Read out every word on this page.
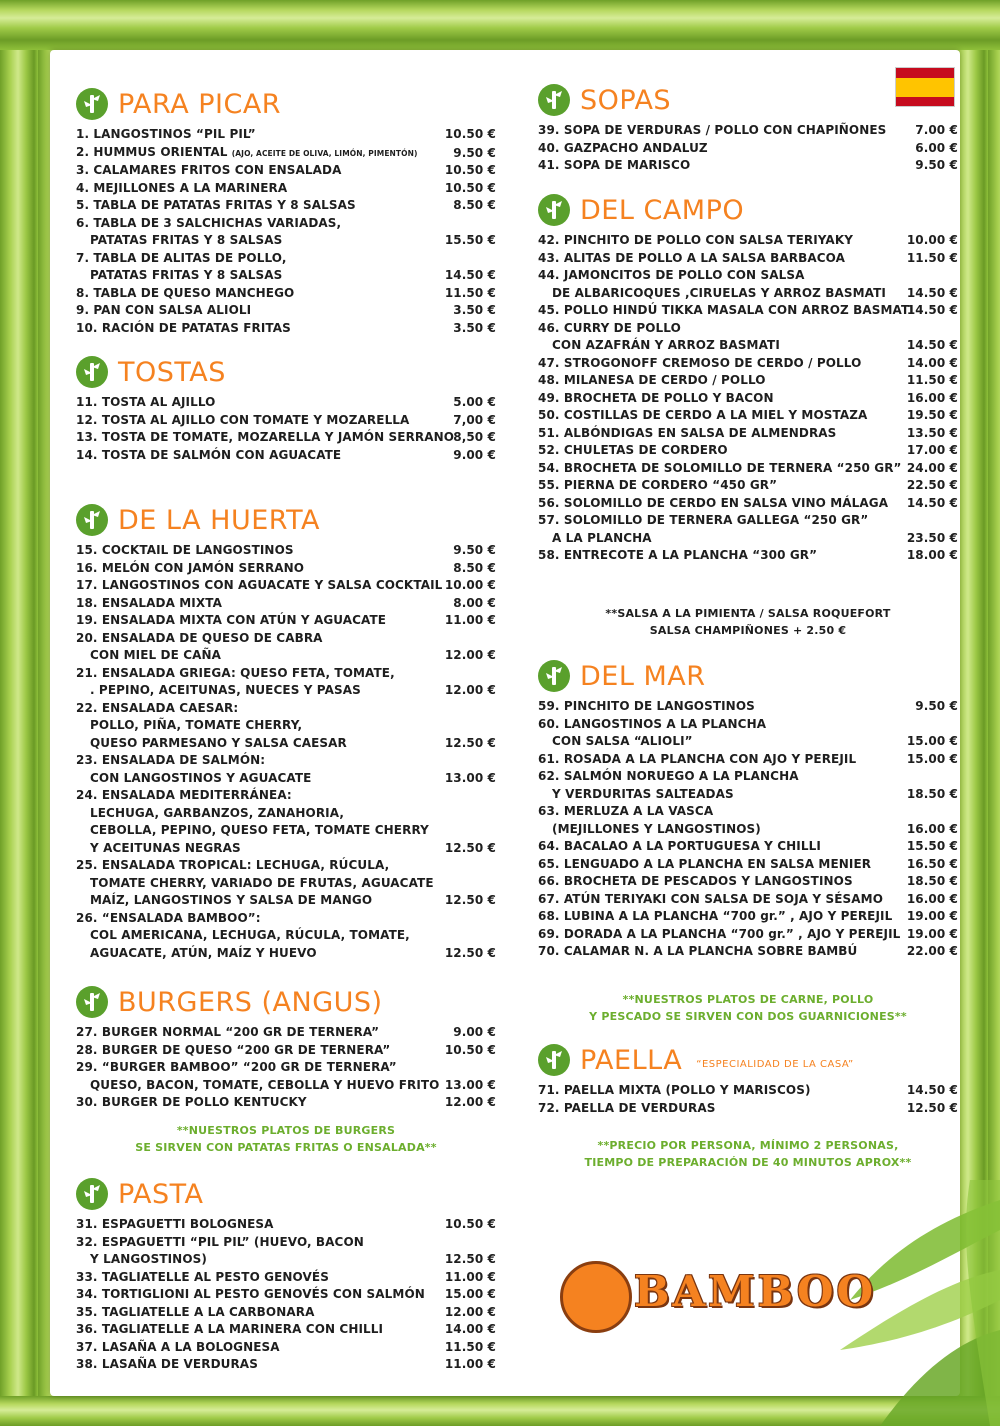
PARA PICAR
1. LANGOSTINOS “PIL PIL”	10.50 €
2. HUMMUS ORIENTAL (AJO, ACEITE DE OLIVA, LIMÓN, PIMENTÓN)	9.50 €
3. CALAMARES FRITOS CON ENSALADA	10.50 €
4. MEJILLONES A LA MARINERA	10.50 €
5. TABLA DE PATATAS FRITAS Y 8 SALSAS	8.50 €
6. TABLA DE 3 SALCHICHAS VARIADAS,
PATATAS FRITAS Y 8 SALSAS	15.50 €
7. TABLA DE ALITAS DE POLLO,
PATATAS FRITAS Y 8 SALSAS	14.50 €
8. TABLA DE QUESO MANCHEGO	11.50 €
9. PAN CON SALSA ALIOLI	3.50 €
10. RACIÓN DE PATATAS FRITAS	3.50 €
TOSTAS
11. TOSTA AL AJILLO	5.00 €
12. TOSTA AL AJILLO CON TOMATE Y MOZARELLA	7,00 €
13. TOSTA DE TOMATE, MOZARELLA Y JAMÓN SERRANO 8,50 €
14. TOSTA DE SALMÓN CON AGUACATE	9.00 €
DE LA HUERTA
15. COCKTAIL DE LANGOSTINOS	9.50 €
16. MELÓN CON JAMÓN SERRANO	8.50 €
17. LANGOSTINOS CON AGUACATE Y SALSA COCKTAIL 10.00 €
18. ENSALADA MIXTA	8.00 €
19. ENSALADA MIXTA CON ATÚN Y AGUACATE	11.00 €
20. ENSALADA DE QUESO DE CABRA
CON MIEL DE CAÑA	12.00 €
21. ENSALADA GRIEGA: QUESO FETA, TOMATE,
. PEPINO, ACEITUNAS, NUECES Y PASAS	12.00 €
22. ENSALADA CAESAR:
POLLO, PIÑA, TOMATE CHERRY,
QUESO PARMESANO Y SALSA CAESAR	12.50 €
23. ENSALADA DE SALMÓN:
CON LANGOSTINOS Y AGUACATE	13.00 €
24. ENSALADA MEDITERRÁNEA:
LECHUGA, GARBANZOS, ZANAHORIA,
CEBOLLA, PEPINO, QUESO FETA, TOMATE CHERRY
Y ACEITUNAS NEGRAS	12.50 €
25. ENSALADA TROPICAL: LECHUGA, RÚCULA,
TOMATE CHERRY, VARIADO DE FRUTAS, AGUACATE
MAÍZ, LANGOSTINOS Y SALSA DE MANGO	12.50 €
26. “ENSALADA BAMBOO”:
COL AMERICANA, LECHUGA, RÚCULA, TOMATE,
AGUACATE, ATÚN, MAÍZ Y HUEVO	12.50 €
BURGERS (ANGUS)
27. BURGER NORMAL “200 GR DE TERNERA”	9.00 €
28. BURGER DE QUESO “200 GR DE TERNERA”	10.50 €
29. “BURGER BAMBOO” “200 GR DE TERNERA”
QUESO, BACON, TOMATE, CEBOLLA Y HUEVO FRITO 13.00 €
30. BURGER DE POLLO KENTUCKY	12.00 €
**NUESTROS PLATOS DE BURGERS
SE SIRVEN CON PATATAS FRITAS O ENSALADA**
PASTA
31. ESPAGUETTI BOLOGNESA	10.50 €
32. ESPAGUETTI “PIL PIL” (HUEVO, BACON
Y LANGOSTINOS)	12.50 €
33. TAGLIATELLE AL PESTO GENOVÉS	11.00 €
34. TORTIGLIONI AL PESTO GENOVÉS CON SALMÓN	15.00 €
35. TAGLIATELLE A LA CARBONARA	12.00 €
36. TAGLIATELLE A LA MARINERA CON CHILLI	14.00 €
37. LASAÑA A LA BOLOGNESA	11.50 €
38. LASAÑA DE VERDURAS	11.00 €
SOPAS
39. SOPA DE VERDURAS / POLLO CON CHAPIÑONES	7.00 €
40. GAZPACHO ANDALUZ	6.00 €
41. SOPA DE MARISCO	9.50 €
DEL CAMPO
42. PINCHITO DE POLLO CON SALSA TERIYAKY	10.00 €
43. ALITAS DE POLLO A LA SALSA BARBACOA	11.50 €
44. JAMONCITOS DE POLLO CON SALSA
DE ALBARICOQUES ,CIRUELAS Y ARROZ BASMATI	14.50 €
45. POLLO HINDÚ TIKKA MASALA CON ARROZ BASMATI
14.50 €
46. CURRY DE POLLO
CON AZAFRÁN Y ARROZ BASMATI	14.50 €
47. STROGONOFF CREMOSO DE CERDO / POLLO	14.00 €
48. MILANESA DE CERDO / POLLO	11.50 €
49. BROCHETA DE POLLO Y BACON	16.00 €
50. COSTILLAS DE CERDO A LA MIEL Y MOSTAZA	19.50 €
51. ALBÓNDIGAS EN SALSA DE ALMENDRAS	13.50 €
52. CHULETAS DE CORDERO	17.00 €
54. BROCHETA DE SOLOMILLO DE TERNERA “250 GR” 24.00 €
55. PIERNA DE CORDERO “450 GR”	22.50 €
56. SOLOMILLO DE CERDO EN SALSA VINO MÁLAGA	14.50 €
57. SOLOMILLO DE TERNERA GALLEGA “250 GR”
A LA PLANCHA	23.50 €
58. ENTRECOTE A LA PLANCHA “300 GR”	18.00 €
**SALSA A LA PIMIENTA / SALSA ROQUEFORT
SALSA CHAMPIÑONES + 2.50 €
DEL MAR
59. PINCHITO DE LANGOSTINOS	9.50 €
60. LANGOSTINOS A LA PLANCHA
CON SALSA “ALIOLI”	15.00 €
61. ROSADA A LA PLANCHA CON AJO Y PEREJIL	15.00 €
62. SALMÓN NORUEGO A LA PLANCHA
Y VERDURITAS SALTEADAS	18.50 €
63. MERLUZA A LA VASCA
(MEJILLONES Y LANGOSTINOS)	16.00 €
64. BACALAO A LA PORTUGUESA Y CHILLI	15.50 €
65. LENGUADO A LA PLANCHA EN SALSA MENIER	16.50 €
66. BROCHETA DE PESCADOS Y LANGOSTINOS	18.50 €
67. ATÚN TERIYAKI CON SALSA DE SOJA Y SÉSAMO	16.00 €
68. LUBINA A LA PLANCHA “700 gr.” , AJO Y PEREJIL	19.00 €
69. DORADA A LA PLANCHA “700 gr.” , AJO Y PEREJIL 19.00 €
70. CALAMAR N. A LA PLANCHA SOBRE BAMBÚ	22.00 €
**NUESTROS PLATOS DE CARNE, POLLO
Y PESCADO SE SIRVEN CON DOS GUARNICIONES**
PAELLA “ESPECIALIDAD DE LA CASA”
71. PAELLA MIXTA (POLLO Y MARISCOS)	14.50 €
72. PAELLA DE VERDURAS	12.50 €
**PRECIO POR PERSONA, MÍNIMO 2 PERSONAS,
TIEMPO DE PREPARACIÓN DE 40 MINUTOS APROX**
BAMBOO
